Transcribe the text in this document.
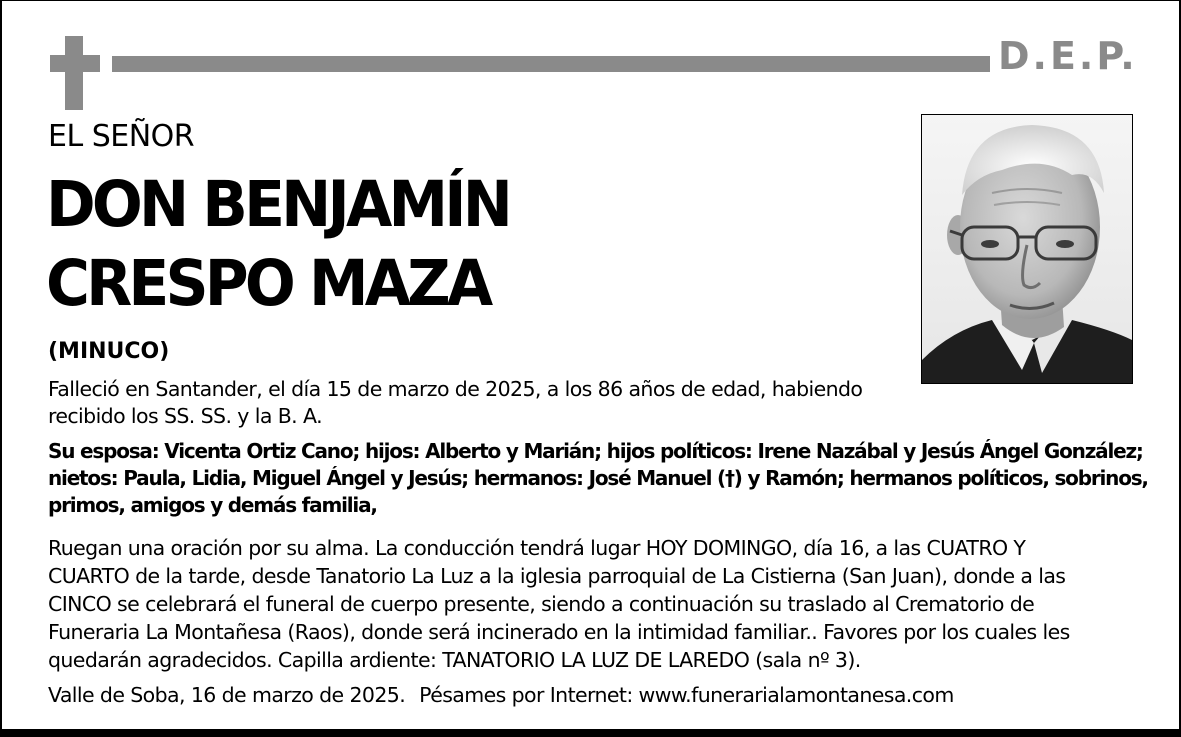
D.E.P.
EL SEÑOR
DON BENJAMÍN
CRESPO MAZA
(MINUCO)
Falleció en Santander, el día 15 de marzo de 2025, a los 86 años de edad, habiendo recibido los SS. SS. y la B. A.
Su esposa: Vicenta Ortiz Cano; hijos: Alberto y Marián; hijos políticos: Irene Nazábal y Jesús Ángel González; nietos: Paula, Lidia, Miguel Ángel y Jesús; hermanos: José Manuel (†) y Ramón; hermanos políticos, sobrinos, primos, amigos y demás familia,
Ruegan una oración por su alma. La conducción tendrá lugar HOY DOMINGO, día 16, a las CUATRO Y CUARTO de la tarde, desde Tanatorio La Luz a la iglesia parroquial de La Cistierna (San Juan), donde a las CINCO se celebrará el funeral de cuerpo presente, siendo a continuación su traslado al Crematorio de Funeraria La Montañesa (Raos), donde será incinerado en la intimidad familiar.. Favores por los cuales les quedarán agradecidos. Capilla ardiente: TANATORIO LA LUZ DE LAREDO (sala nº 3).
Valle de Soba, 16 de marzo de 2025. Pésames por Internet: www.funerarialamontanesa.com
